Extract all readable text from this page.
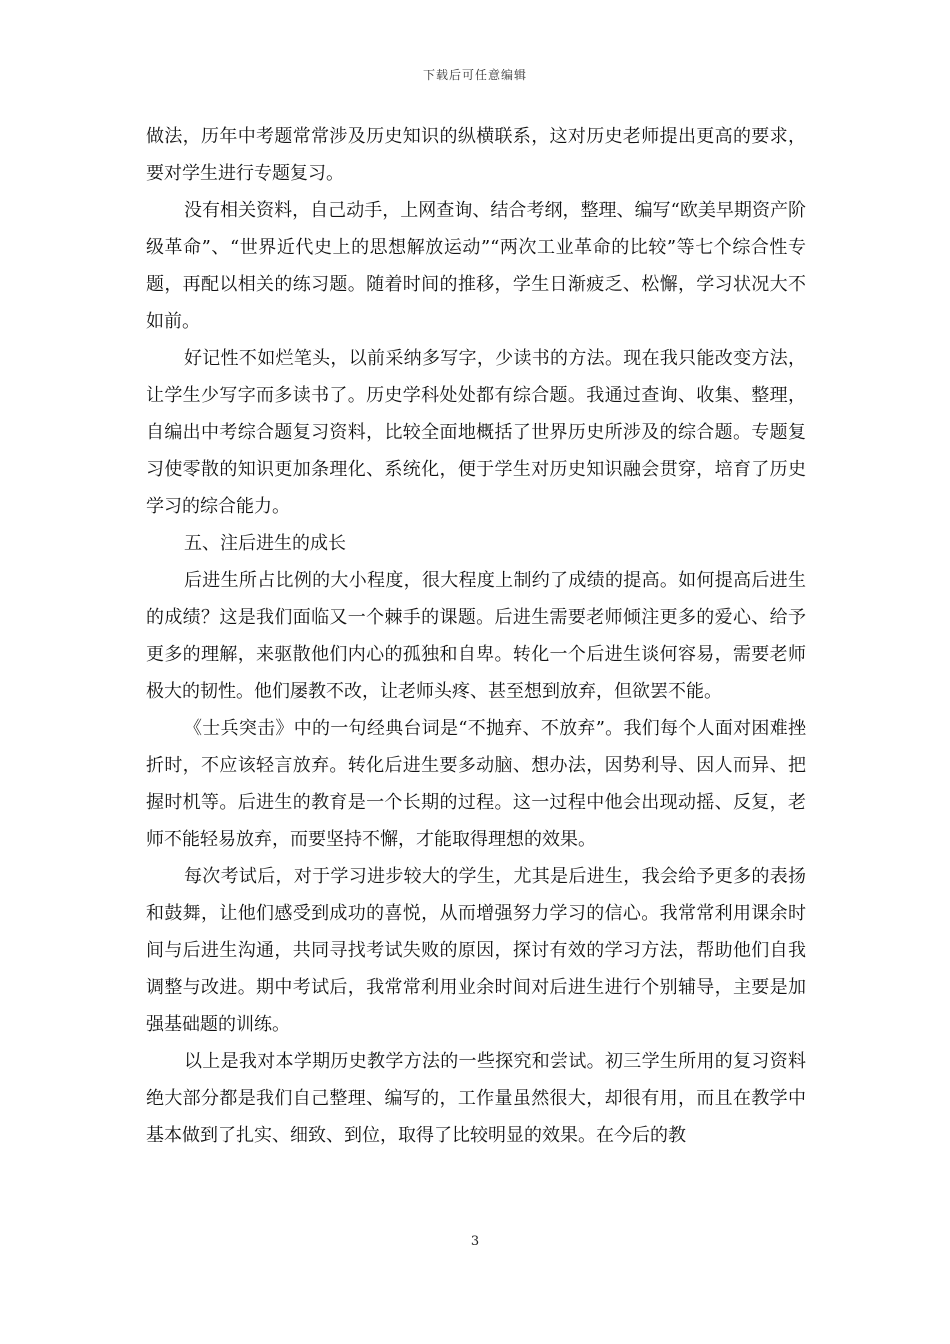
下载后可任意编辑

做法，历年中考题常常涉及历史知识的纵横联系，这对历史老师提出更高的要求，要对学生进行专题复习。

没有相关资料，自己动手，上网查询、结合考纲，整理、编写“欧美早期资产阶级革命”、“世界近代史上的思想解放运动”“两次工业革命的比较”等七个综合性专题，再配以相关的练习题。随着时间的推移，学生日渐疲乏、松懈，学习状况大不如前。

好记性不如烂笔头，以前采纳多写字，少读书的方法。现在我只能改变方法，让学生少写字而多读书了。历史学科处处都有综合题。我通过查询、收集、整理，自编出中考综合题复习资料，比较全面地概括了世界历史所涉及的综合题。专题复习使零散的知识更加条理化、系统化，便于学生对历史知识融会贯穿，培育了历史学习的综合能力。

五、注后进生的成长

后进生所占比例的大小程度，很大程度上制约了成绩的提高。如何提高后进生的成绩？这是我们面临又一个棘手的课题。后进生需要老师倾注更多的爱心、给予更多的理解，来驱散他们内心的孤独和自卑。转化一个后进生谈何容易，需要老师极大的韧性。他们屡教不改，让老师头疼、甚至想到放弃，但欲罢不能。

《士兵突击》中的一句经典台词是“不抛弃、不放弃”。我们每个人面对困难挫折时，不应该轻言放弃。转化后进生要多动脑、想办法，因势利导、因人而异、把握时机等。后进生的教育是一个长期的过程。这一过程中他会出现动摇、反复，老师不能轻易放弃，而要坚持不懈，才能取得理想的效果。

每次考试后，对于学习进步较大的学生，尤其是后进生，我会给予更多的表扬和鼓舞，让他们感受到成功的喜悦，从而增强努力学习的信心。我常常利用课余时间与后进生沟通，共同寻找考试失败的原因，探讨有效的学习方法，帮助他们自我调整与改进。期中考试后，我常常利用业余时间对后进生进行个别辅导，主要是加强基础题的训练。

以上是我对本学期历史教学方法的一些探究和尝试。初三学生所用的复习资料绝大部分都是我们自己整理、编写的，工作量虽然很大，却很有用，而且在教学中基本做到了扎实、细致、到位，取得了比较明显的效果。在今后的教

3
